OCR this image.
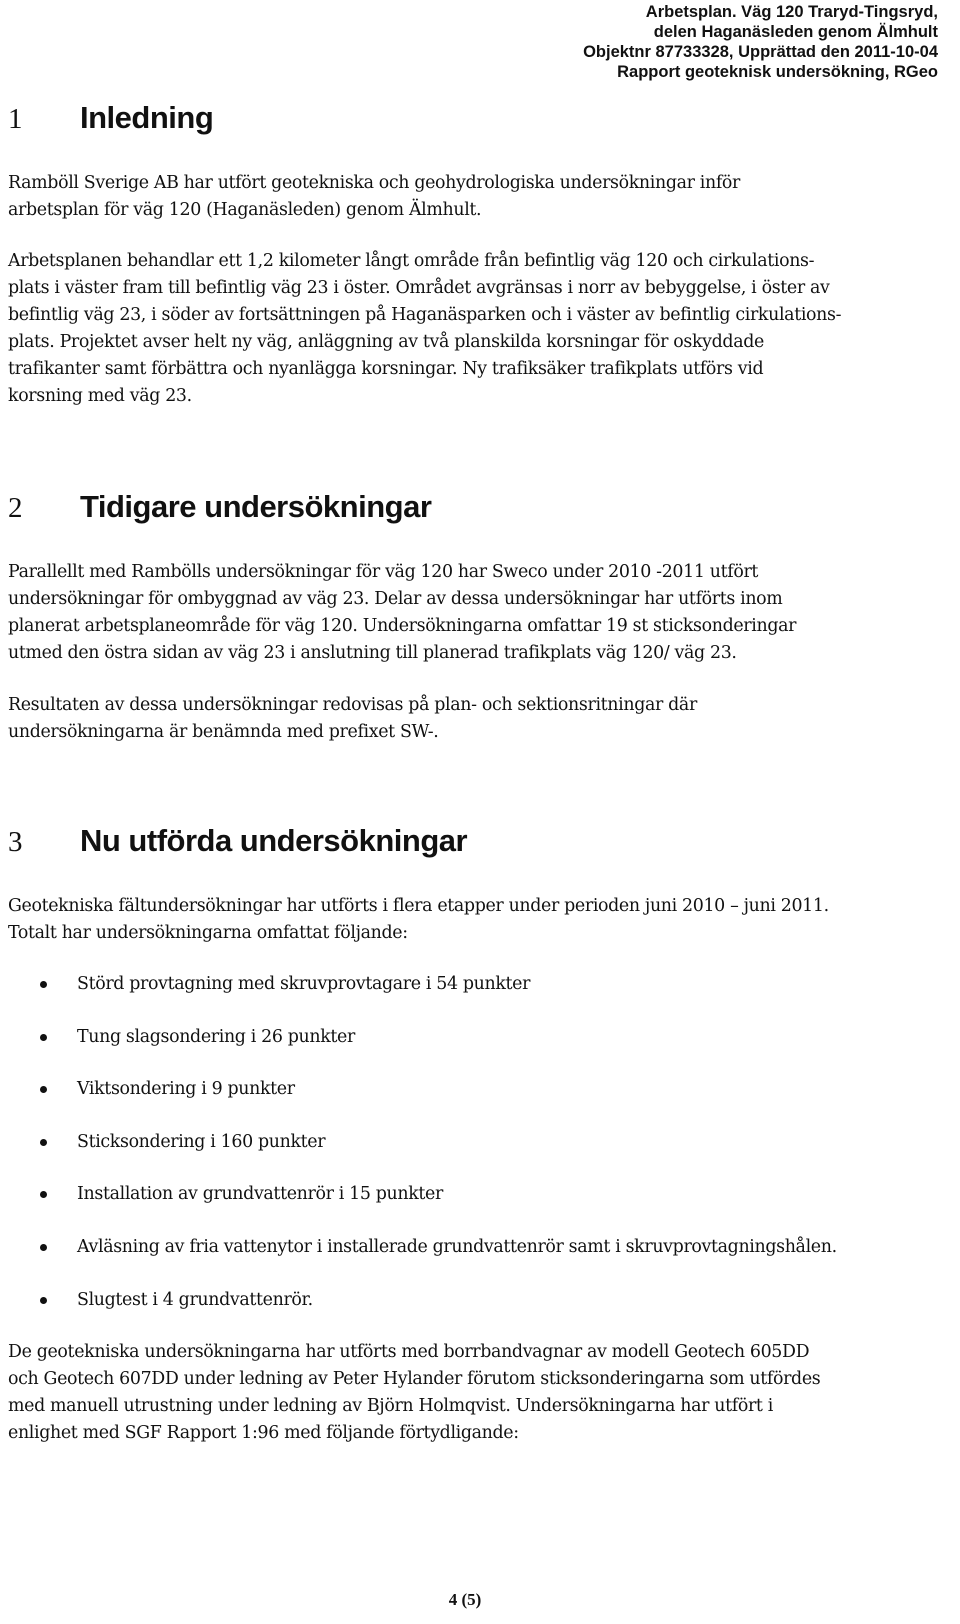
Arbetsplan. Väg 120 Traryd-Tingsryd,
delen Haganäsleden genom Älmhult
Objektnr 87733328, Upprättad den 2011-10-04
Rapport geoteknisk undersökning, RGeo
1	Inledning

Ramböll Sverige AB har utfört geotekniska och geohydrologiska undersökningar inför
arbetsplan för väg 120 (Haganäsleden) genom Älmhult.

Arbetsplanen behandlar ett 1,2 kilometer långt område från befintlig väg 120 och cirkulations-
plats i väster fram till befintlig väg 23 i öster. Området avgränsas i norr av bebyggelse, i öster av
befintlig väg 23, i söder av fortsättningen på Haganäsparken och i väster av befintlig cirkulations-
plats. Projektet avser helt ny väg, anläggning av två planskilda korsningar för oskyddade
trafikanter samt förbättra och nyanlägga korsningar. Ny trafiksäker trafikplats utförs vid
korsning med väg 23.

2	Tidigare undersökningar

Parallellt med Rambölls undersökningar för väg 120 har Sweco under 2010 -2011 utfört
undersökningar för ombyggnad av väg 23. Delar av dessa undersökningar har utförts inom
planerat arbetsplaneområde för väg 120. Undersökningarna omfattar 19 st sticksonderingar
utmed den östra sidan av väg 23 i anslutning till planerad trafikplats väg 120/ väg 23.

Resultaten av dessa undersökningar redovisas på plan- och sektionsritningar där
undersökningarna är benämnda med prefixet SW-.

3	Nu utförda undersökningar

Geotekniska fältundersökningar har utförts i flera etapper under perioden juni 2010 – juni 2011.
Totalt har undersökningarna omfattat följande:

Störd provtagning med skruvprovtagare i 54 punkter
Tung slagsondering i 26 punkter
Viktsondering i 9 punkter
Sticksondering i 160 punkter
Installation av grundvattenrör i 15 punkter
Avläsning av fria vattenytor i installerade grundvattenrör samt i skruvprovtagningshålen.
Slugtest i 4 grundvattenrör.

De geotekniska undersökningarna har utförts med borrbandvagnar av modell Geotech 605DD
och Geotech 607DD under ledning av Peter Hylander förutom sticksonderingarna som utfördes
med manuell utrustning under ledning av Björn Holmqvist. Undersökningarna har utfört i
enlighet med SGF Rapport 1:96 med följande förtydligande:

4 (5)
